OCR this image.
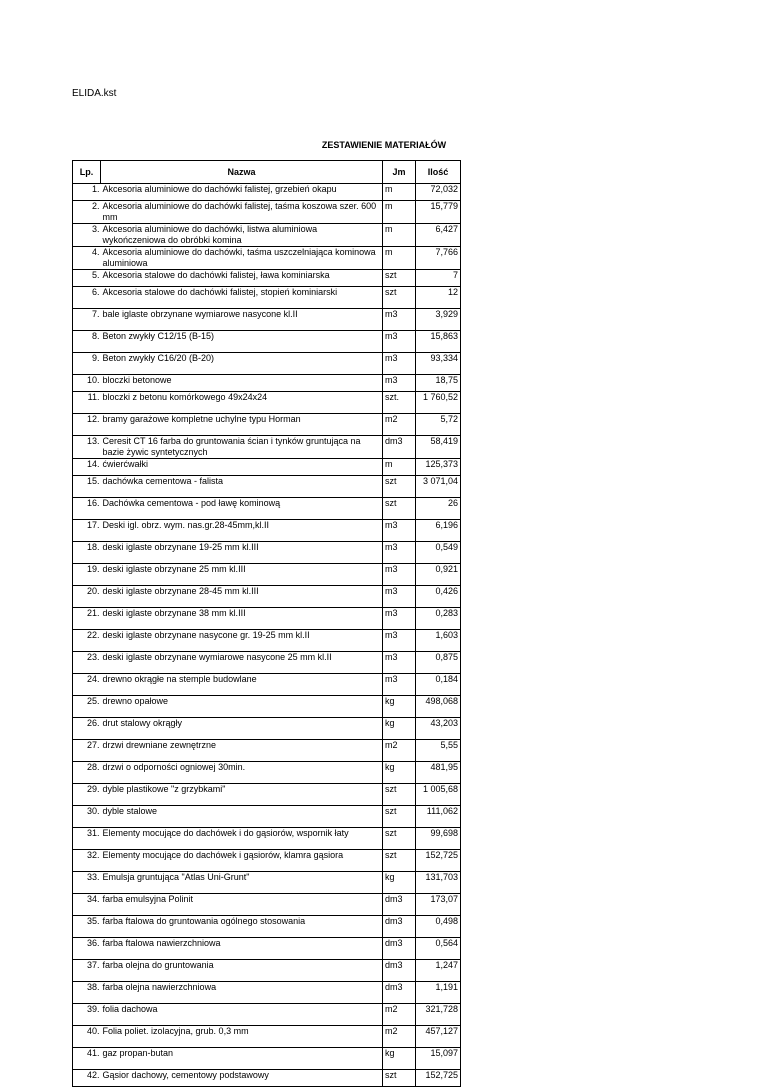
ELIDA.kst
ZESTAWIENIE MATERIAŁÓW
Lp.	Nazwa	Jm	Ilość
1.	Akcesoria aluminiowe do dachówki falistej, grzebień okapu	m	72,032
2.	Akcesoria aluminiowe do dachówki falistej, taśma koszowa szer. 600 mm	m	15,779
3.	Akcesoria aluminiowe do dachówki, listwa aluminiowa wykończeniowa do obróbki komina	m	6,427
4.	Akcesoria aluminiowe do dachówki, taśma uszczelniająca kominowa aluminiowa	m	7,766
5.	Akcesoria stalowe do dachówki falistej, ława kominiarska	szt	7
6.	Akcesoria stalowe do dachówki falistej, stopień kominiarski	szt	12
7.	bale iglaste obrzynane wymiarowe nasycone kl.II	m3	3,929
8.	Beton zwykły C12/15 (B-15)	m3	15,863
9.	Beton zwykły C16/20 (B-20)	m3	93,334
10.	bloczki betonowe	m3	18,75
11.	bloczki z betonu komórkowego 49x24x24	szt.	1 760,52
12.	bramy garażowe kompletne uchylne typu Horman	m2	5,72
13.	Ceresit CT 16 farba do gruntowania ścian i tynków gruntująca na bazie żywic syntetycznych	dm3	58,419
14.	ćwierćwałki	m	125,373
15.	dachówka cementowa - falista	szt	3 071,04
16.	Dachówka cementowa - pod ławę kominową	szt	26
17.	Deski igl. obrz. wym. nas.gr.28-45mm,kl.II	m3	6,196
18.	deski iglaste obrzynane 19-25 mm kl.III	m3	0,549
19.	deski iglaste obrzynane 25 mm kl.III	m3	0,921
20.	deski iglaste obrzynane 28-45 mm kl.III	m3	0,426
21.	deski iglaste obrzynane 38 mm kl.III	m3	0,283
22.	deski iglaste obrzynane nasycone gr. 19-25 mm kl.II	m3	1,603
23.	deski iglaste obrzynane wymiarowe nasycone 25 mm kl.II	m3	0,875
24.	drewno okrągłe na stemple budowlane	m3	0,184
25.	drewno opałowe	kg	498,068
26.	drut stalowy okrągły	kg	43,203
27.	drzwi drewniane zewnętrzne	m2	5,55
28.	drzwi o odporności ogniowej 30min.	kg	481,95
29.	dyble plastikowe "z grzybkami"	szt	1 005,68
30.	dyble stalowe	szt	111,062
31.	Elementy mocujące do dachówek i do gąsiorów, wspornik łaty	szt	99,698
32.	Elementy mocujące do dachówek i gąsiorów, klamra gąsiora	szt	152,725
33.	Emulsja gruntująca "Atlas Uni-Grunt"	kg	131,703
34.	farba emulsyjna Polinit	dm3	173,07
35.	farba ftalowa do gruntowania ogólnego stosowania	dm3	0,498
36.	farba ftalowa nawierzchniowa	dm3	0,564
37.	farba olejna do gruntowania	dm3	1,247
38.	farba olejna nawierzchniowa	dm3	1,191
39.	folia dachowa	m2	321,728
40.	Folia poliet. izolacyjna, grub. 0,3 mm	m2	457,127
41.	gaz propan-butan	kg	15,097
42.	Gąsior dachowy, cementowy podstawowy	szt	152,725
